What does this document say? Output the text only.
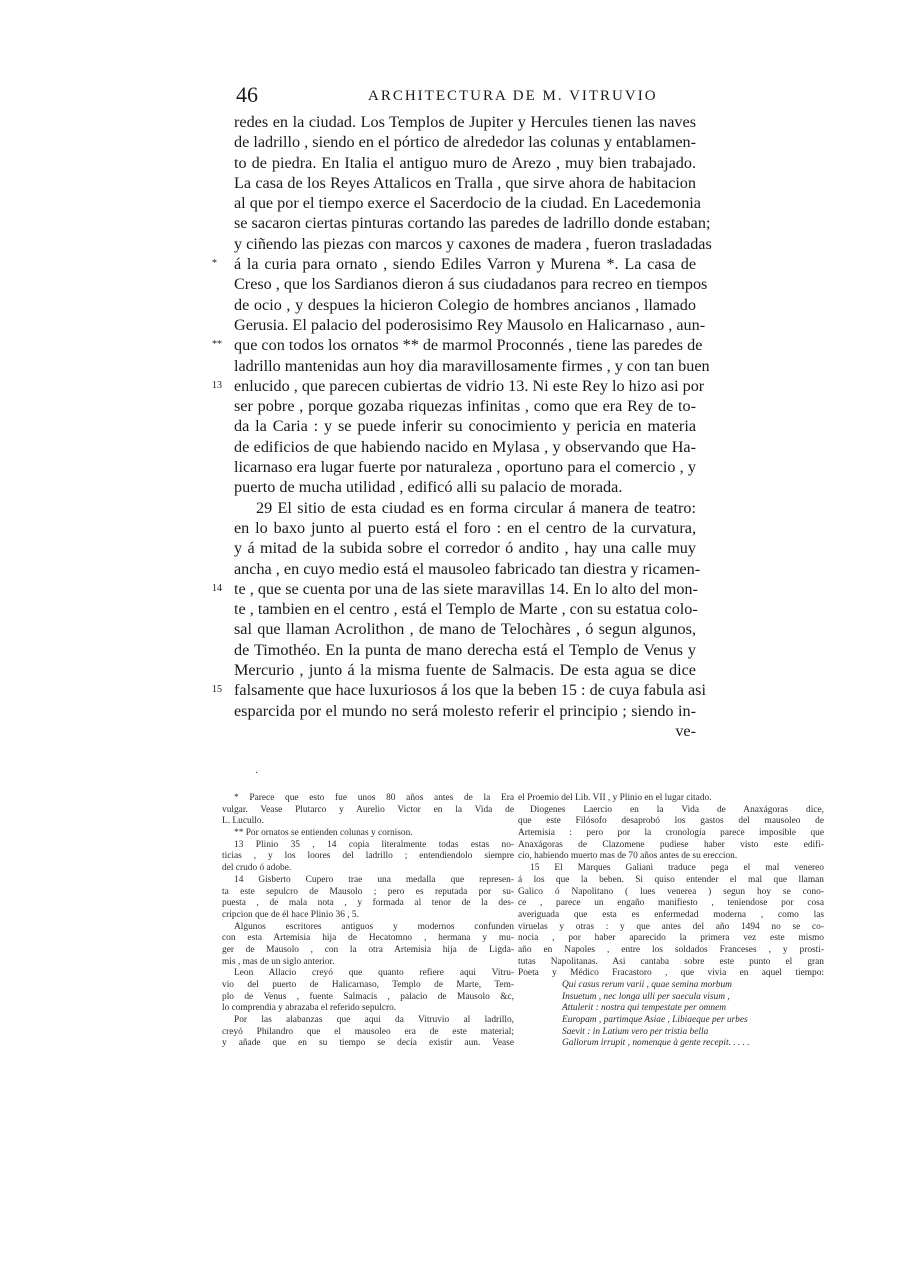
46	ARCHITECTURA DE M. VITRUVIO
redes en la ciudad. Los Templos de Jupiter y Hercules tienen las naves
de ladrillo , siendo en el pórtico de alrededor las colunas y entablamen-
to de piedra. En Italia el antiguo muro de Arezo , muy bien trabajado.
La casa de los Reyes Attalicos en Tralla , que sirve ahora de habitacion
al que por el tiempo exerce el Sacerdocio de la ciudad. En Lacedemonia
se sacaron ciertas pinturas cortando las paredes de ladrillo donde estaban;
y ciñendo las piezas con marcos y caxones de madera , fueron trasladadas
*	á la curia para ornato , siendo Ediles Varron y Murena *. La casa de
Creso , que los Sardianos dieron á sus ciudadanos para recreo en tiempos
de ocio , y despues la hicieron Colegio de hombres ancianos , llamado
Gerusia. El palacio del poderosisimo Rey Mausolo en Halicarnaso , aun-
** que con todos los ornatos ** de marmol Proconnés , tiene las paredes de
ladrillo mantenidas aun hoy dia maravillosamente firmes , y con tan buen
13 enlucido , que parecen cubiertas de vidrio 13. Ni este Rey lo hizo asi por
ser pobre , porque gozaba riquezas infinitas , como que era Rey de to-
da la Caria : y se puede inferir su conocimiento y pericia en materia
de edificios de que habiendo nacido en Mylasa , y observando que Ha-
licarnaso era lugar fuerte por naturaleza , oportuno para el comercio , y
puerto de mucha utilidad , edificó alli su palacio de morada.
29 El sitio de esta ciudad es en forma circular á manera de teatro:
en lo baxo junto al puerto está el foro : en el centro de la curvatura,
y á mitad de la subida sobre el corredor ó andito , hay una calle muy
ancha , en cuyo medio está el mausoleo fabricado tan diestra y ricamen-
14 te , que se cuenta por una de las siete maravillas 14. En lo alto del mon-
te , tambien en el centro , está el Templo de Marte , con su estatua colo-
sal que llaman Acrolithon , de mano de Telochàres , ó segun algunos,
de Timothéo. En la punta de mano derecha está el Templo de Venus y
Mercurio , junto á la misma fuente de Salmacis. De esta agua se dice
15 falsamente que hace luxuriosos á los que la beben 15 : de cuya fabula asi
esparcida por el mundo no será molesto referir el principio ; siendo in-
ve-
·
* Parece que esto fue unos 80 años antes de la Era
vulgar. Vease Plutarco y Aurelio Victor en la Vida de
L. Lucullo.
** Por ornatos se entienden colunas y cornison.
13 Plinio 35 , 14 copia literalmente todas estas no-
ticias , y los loores del ladrillo ; entendiendolo siempre
del crudo ó adobe.
14 Gisberto Cupero trae una medalla que represen-
ta este sepulcro de Mausolo ; pero es reputada por su-
puesta , de mala nota , y formada al tenor de la des-
cripcion que de él hace Plinio 36 , 5.
Algunos escritores antiguos y modernos confunden
con esta Artemisia hija de Hecatomno , hermana y mu-
ger de Mausolo , con la otra Artemisia hija de Ligda-
mis , mas de un siglo anterior.
Leon Allacio creyó que quanto refiere aqui Vitru-
vio del puerto de Halicarnaso, Templo de Marte, Tem-
plo de Venus , fuente Salmacis , palacio de Mausolo &c,
lo comprendia y abrazaba el referido sepulcro.
Por las alabanzas que aqui da Vitruvio al ladrillo,
creyó Philandro que el mausoleo era de este material;
y añade que en su tiempo se decia existir aun. Vease
el Proemio del Lib. VII , y Plinio en el lugar citado.
Diogenes Laercio en la Vida de Anaxágoras dice,
que este Filósofo desaprobó los gastos del mausoleo de
Artemisia : pero por la cronología parece imposible que
Anaxágoras de Clazomene pudiese haber visto este edifi-
cio, habiendo muerto mas de 70 años antes de su ereccion.
15 El Marques Galiani traduce pega el mal venereo
á los que la beben. Si quiso entender el mal que llaman
Galico ó Napolitano ( lues venerea ) segun hoy se cono-
ce , parece un engaño manifiesto , teniendose por cosa
averiguada que esta es enfermedad moderna , como las
viruelas y otras : y que antes del año 1494 no se co-
nocia , por haber aparecido la primera vez este mismo
año en Napoles , entre los soldados Franceses , y prosti-
tutas Napolitanas. Asi cantaba sobre este punto el gran
Poeta y Médico Fracastoro , que vivia en aquel tiempo:
Qui casus rerum varii , quae semina morbum
Insuetum , nec longa ulli per saecula visum ,
Attulerit : nostra qui tempestate per omnem
Europam , partimque Asiae , Libiaeque per urbes
Saevit : in Latium vero per tristia bella
Gallorum irrupit , nomenque à gente recepit. . . . .
